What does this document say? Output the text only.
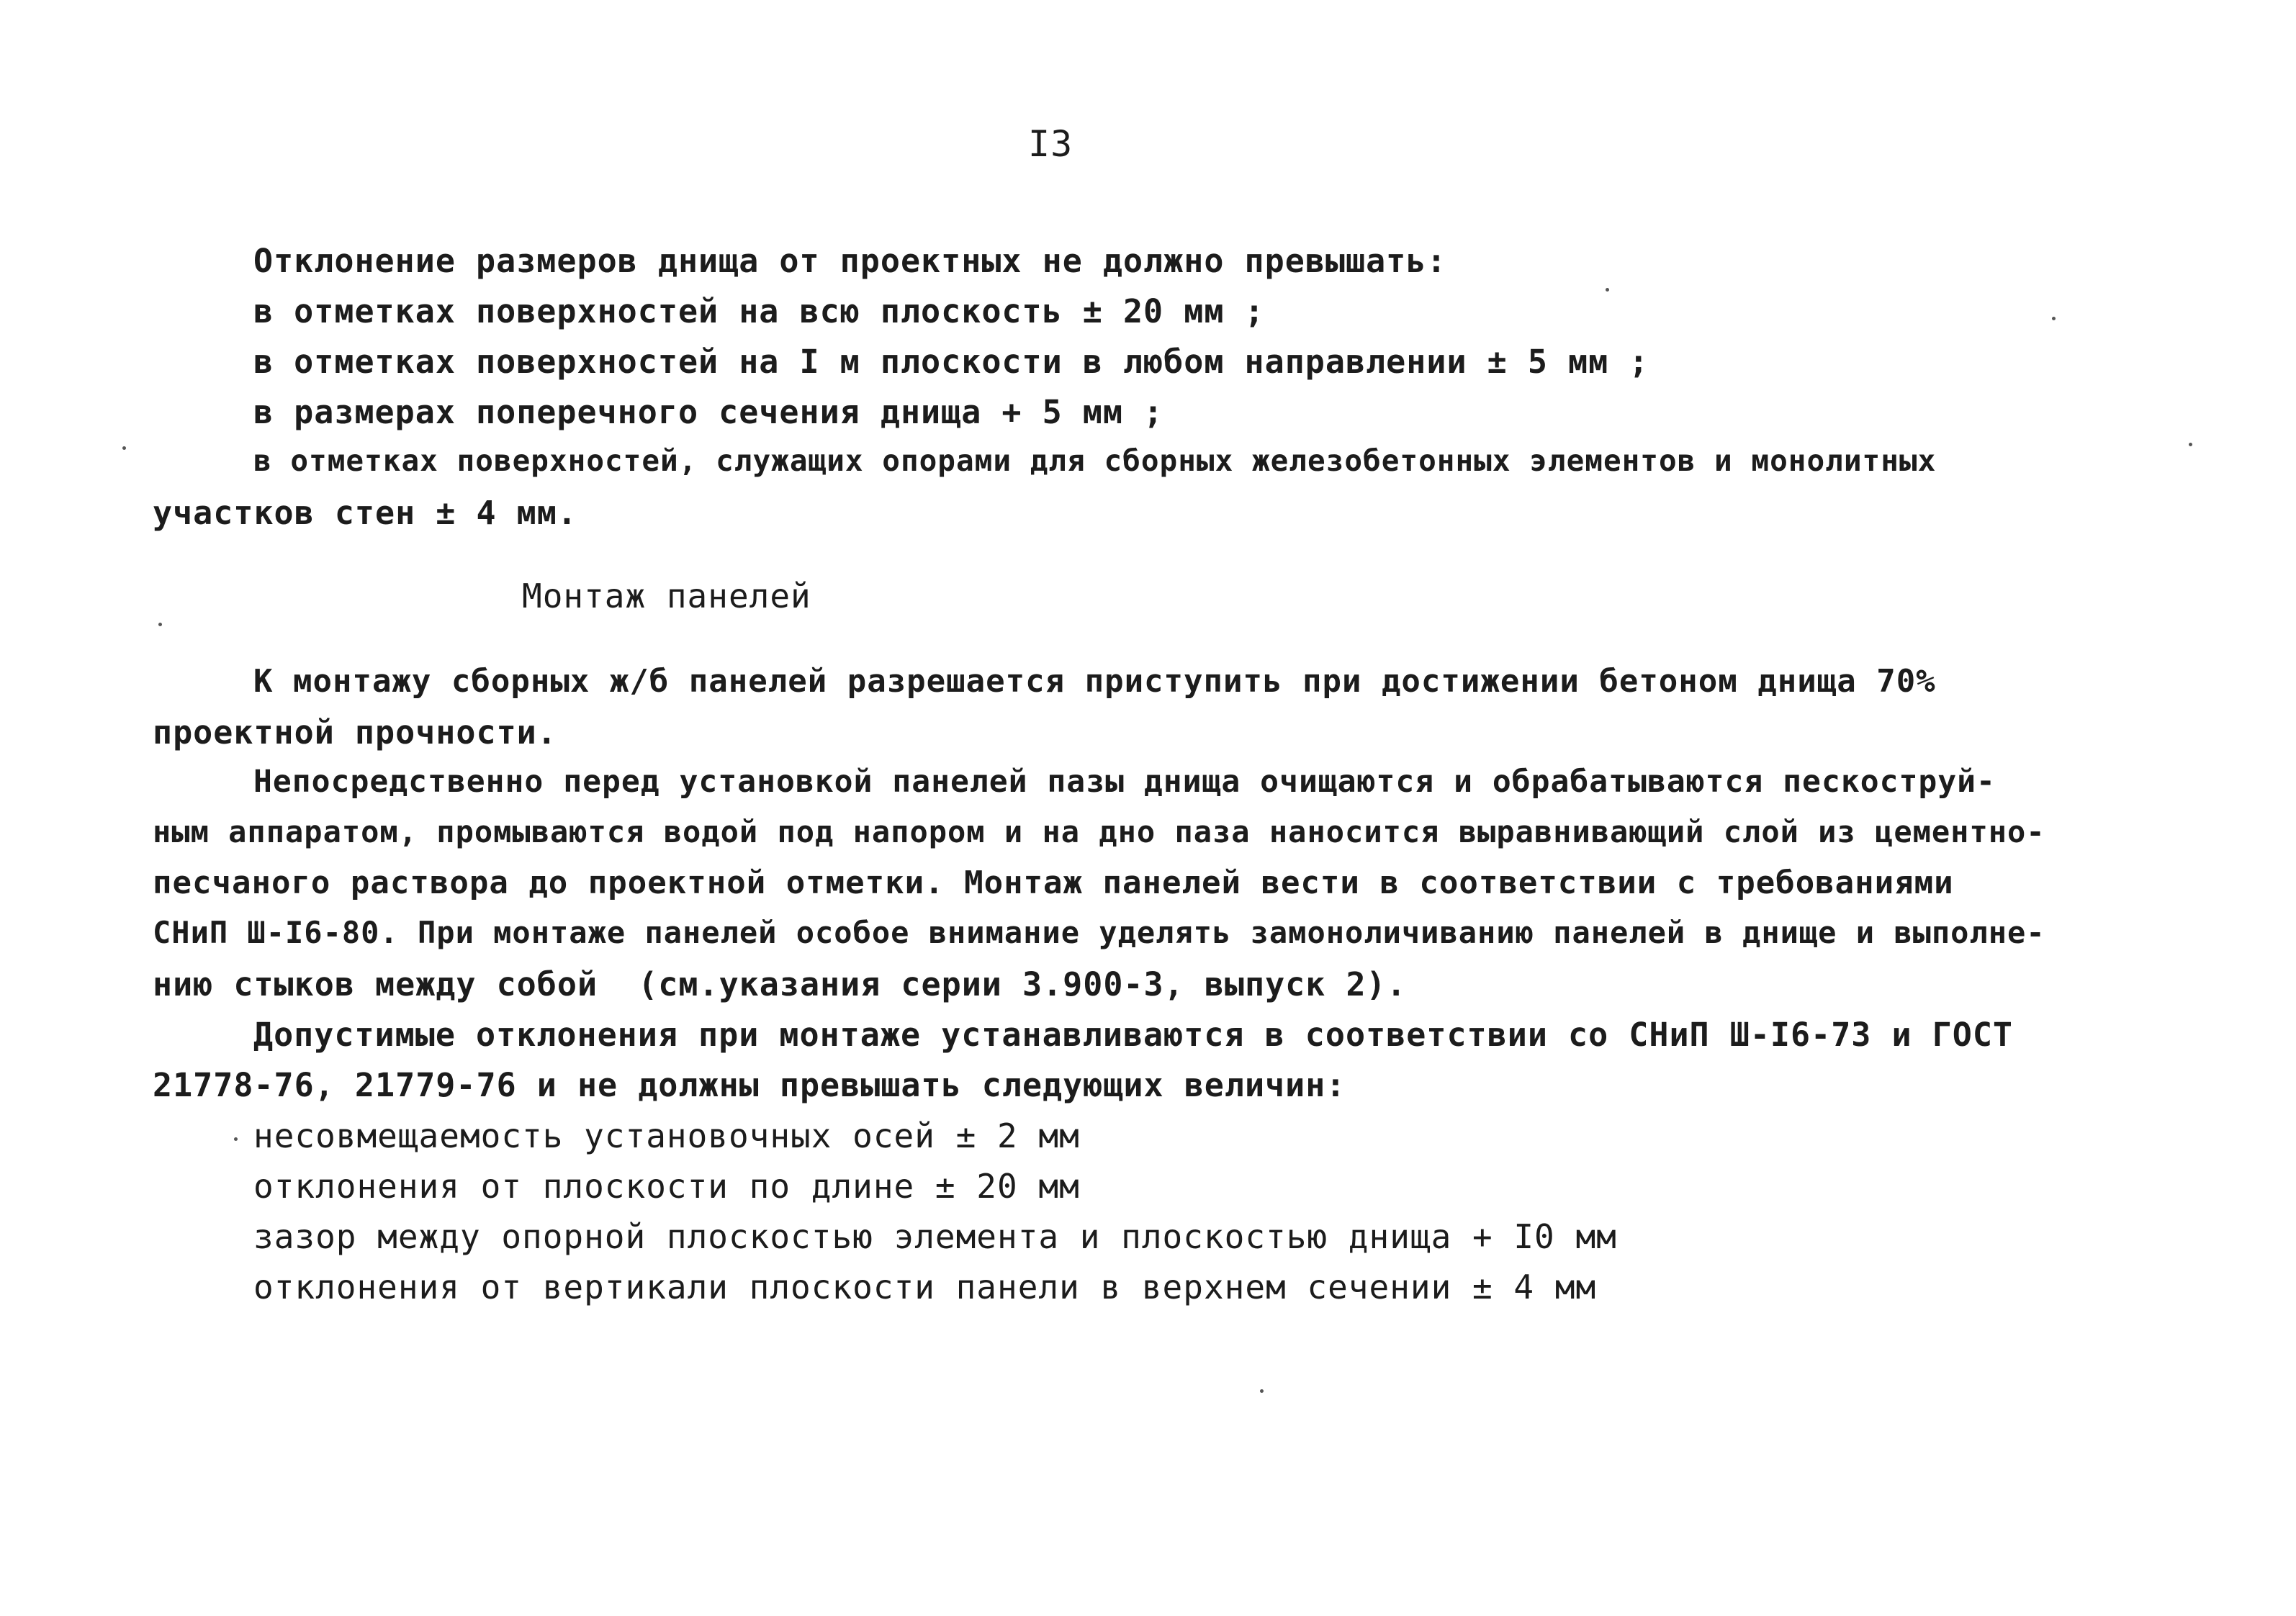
I3
Отклонение размеров днища от проектных не должно превышать:
в отметках поверхностей на всю плоскость ± 20 мм ;
в отметках поверхностей на I м плоскости в любом направлении ± 5 мм ;
в размерах поперечного сечения днища + 5 мм ;
в отметках поверхностей, служащих опорами для сборных железобетонных элементов и монолитных
участков стен ± 4 мм.
Монтаж панелей
К монтажу сборных ж/б панелей разрешается приступить при достижении бетоном днища 70%
проектной прочности.
Непосредственно перед установкой панелей пазы днища очищаются и обрабатываются пескоструй-
ным аппаратом, промываются водой под напором и на дно паза наносится выравнивающий слой из цементно-
песчаного раствора до проектной отметки. Монтаж панелей вести в соответствии с требованиями
СНиП Ш-I6-80. При монтаже панелей особое внимание уделять замоноличиванию панелей в днище и выполне-
нию стыков между собой  (см.указания серии 3.900-3, выпуск 2).
Допустимые отклонения при монтаже устанавливаются в соответствии со СНиП Ш-I6-73 и ГОСТ
21778-76, 21779-76 и не должны превышать следующих величин:
несовмещаемость установочных осей ± 2 мм
отклонения от плоскости по длине ± 20 мм
зазор между опорной плоскостью элемента и плоскостью днища + I0 мм
отклонения от вертикали плоскости панели в верхнем сечении ± 4 мм
